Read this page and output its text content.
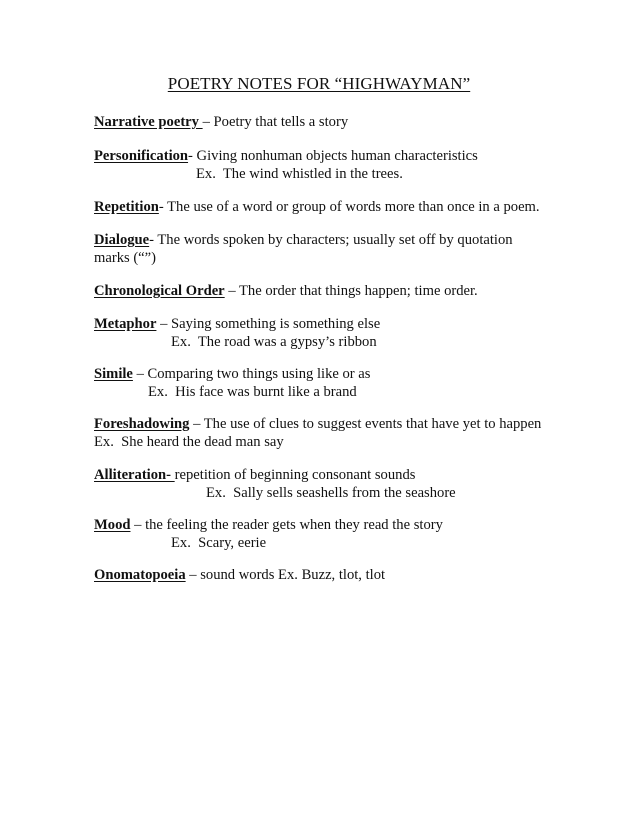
POETRY NOTES FOR “HIGHWAYMAN”
Narrative poetry – Poetry that tells a story
Personification- Giving nonhuman objects human characteristics
Ex.  The wind whistled in the trees.
Repetition- The use of a word or group of words more than once in a poem.
Dialogue- The words spoken by characters; usually set off by quotation marks (“”)
Chronological Order – The order that things happen; time order.
Metaphor – Saying something is something else
Ex.  The road was a gypsy’s ribbon
Simile – Comparing two things using like or as
Ex.  His face was burnt like a brand
Foreshadowing – The use of clues to suggest events that have yet to happen
Ex.  She heard the dead man say
Alliteration- repetition of beginning consonant sounds
Ex.  Sally sells seashells from the seashore
Mood – the feeling the reader gets when they read the story
Ex.  Scary, eerie
Onomatopoeia – sound words Ex. Buzz, tlot, tlot
